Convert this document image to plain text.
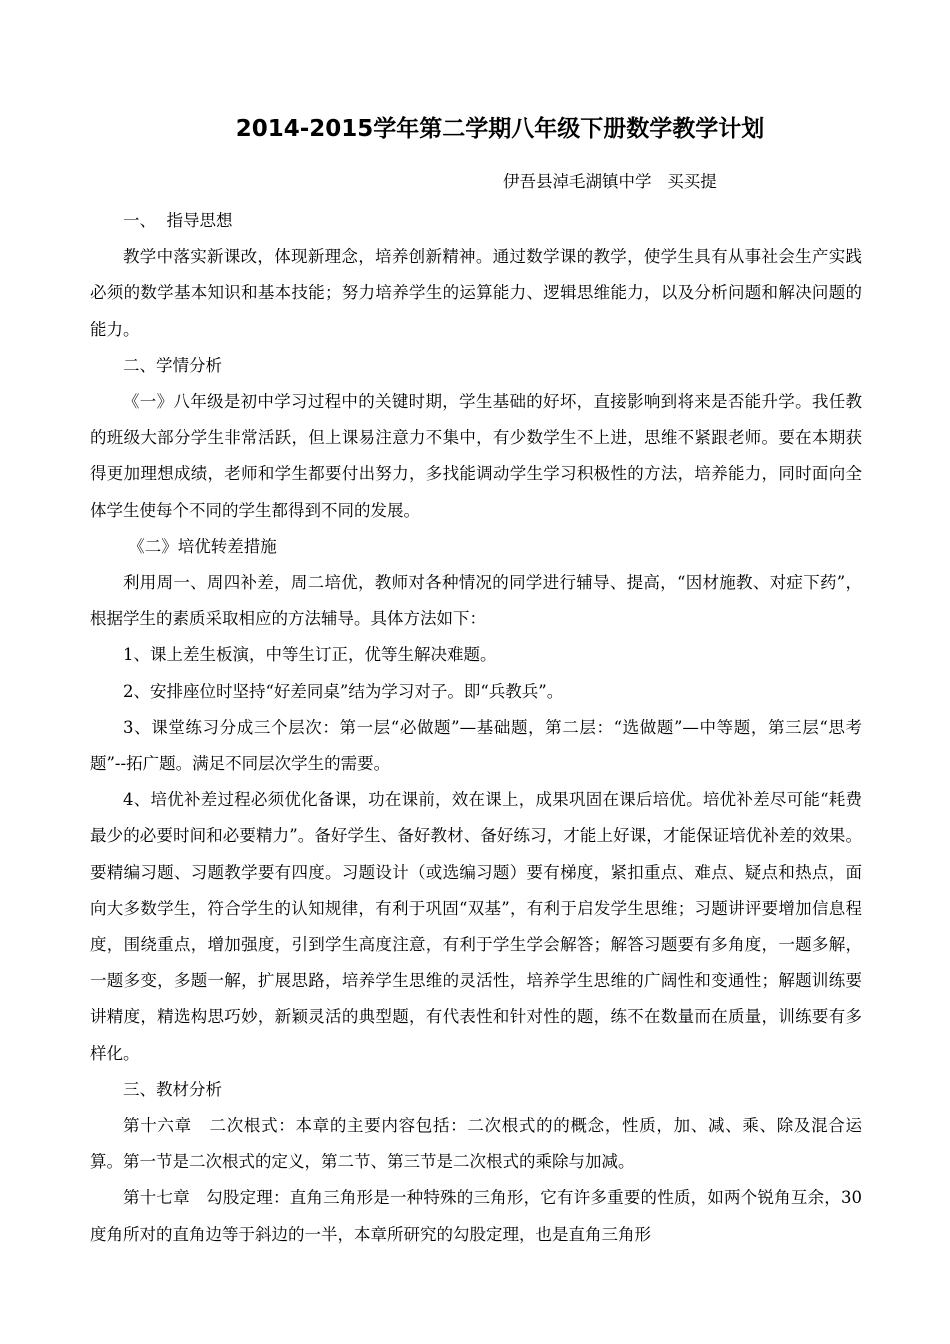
2014-2015学年第二学期八年级下册数学教学计划
伊吾县淖毛湖镇中学   买买提

一、  指导思想

教学中落实新课改，体现新理念，培养创新精神。通过数学课的教学，使学生具有从事社会生产实践必须的数学基本知识和基本技能；努力培养学生的运算能力、逻辑思维能力，以及分析问题和解决问题的能力。

二、学情分析

《一》八年级是初中学习过程中的关键时期，学生基础的好坏，直接影响到将来是否能升学。我任教的班级大部分学生非常活跃，但上课易注意力不集中，有少数学生不上进，思维不紧跟老师。要在本期获得更加理想成绩，老师和学生都要付出努力，多找能调动学生学习积极性的方法，培养能力，同时面向全体学生使每个不同的学生都得到不同的发展。

《二》培优转差措施

利用周一、周四补差，周二培优，教师对各种情况的同学进行辅导、提高，“因材施教、对症下药”，根据学生的素质采取相应的方法辅导。具体方法如下：

1、课上差生板演，中等生订正，优等生解决难题。

2、安排座位时坚持“好差同桌”结为学习对子。即“兵教兵”。

3、课堂练习分成三个层次：第一层“必做题”—基础题，第二层：“选做题”—中等题，第三层“思考题”--拓广题。满足不同层次学生的需要。

4、培优补差过程必须优化备课，功在课前，效在课上，成果巩固在课后培优。培优补差尽可能“耗费最少的必要时间和必要精力”。备好学生、备好教材、备好练习，才能上好课，才能保证培优补差的效果。要精编习题、习题教学要有四度。习题设计（或选编习题）要有梯度，紧扣重点、难点、疑点和热点，面向大多数学生，符合学生的认知规律，有利于巩固“双基”，有利于启发学生思维；习题讲评要增加信息程度，围绕重点，增加强度，引到学生高度注意，有利于学生学会解答；解答习题要有多角度，一题多解，一题多变，多题一解，扩展思路，培养学生思维的灵活性，培养学生思维的广阔性和变通性；解题训练要讲精度，精选构思巧妙，新颖灵活的典型题，有代表性和针对性的题，练不在数量而在质量，训练要有多样化。

三、教材分析

第十六章   二次根式：本章的主要内容包括：二次根式的的概念，性质，加、减、乘、除及混合运算。第一节是二次根式的定义，第二节、第三节是二次根式的乘除与加减。

第十七章   勾股定理：直角三角形是一种特殊的三角形，它有许多重要的性质，如两个锐角互余，30度角所对的直角边等于斜边的一半，本章所研究的勾股定理，也是直角三角形
